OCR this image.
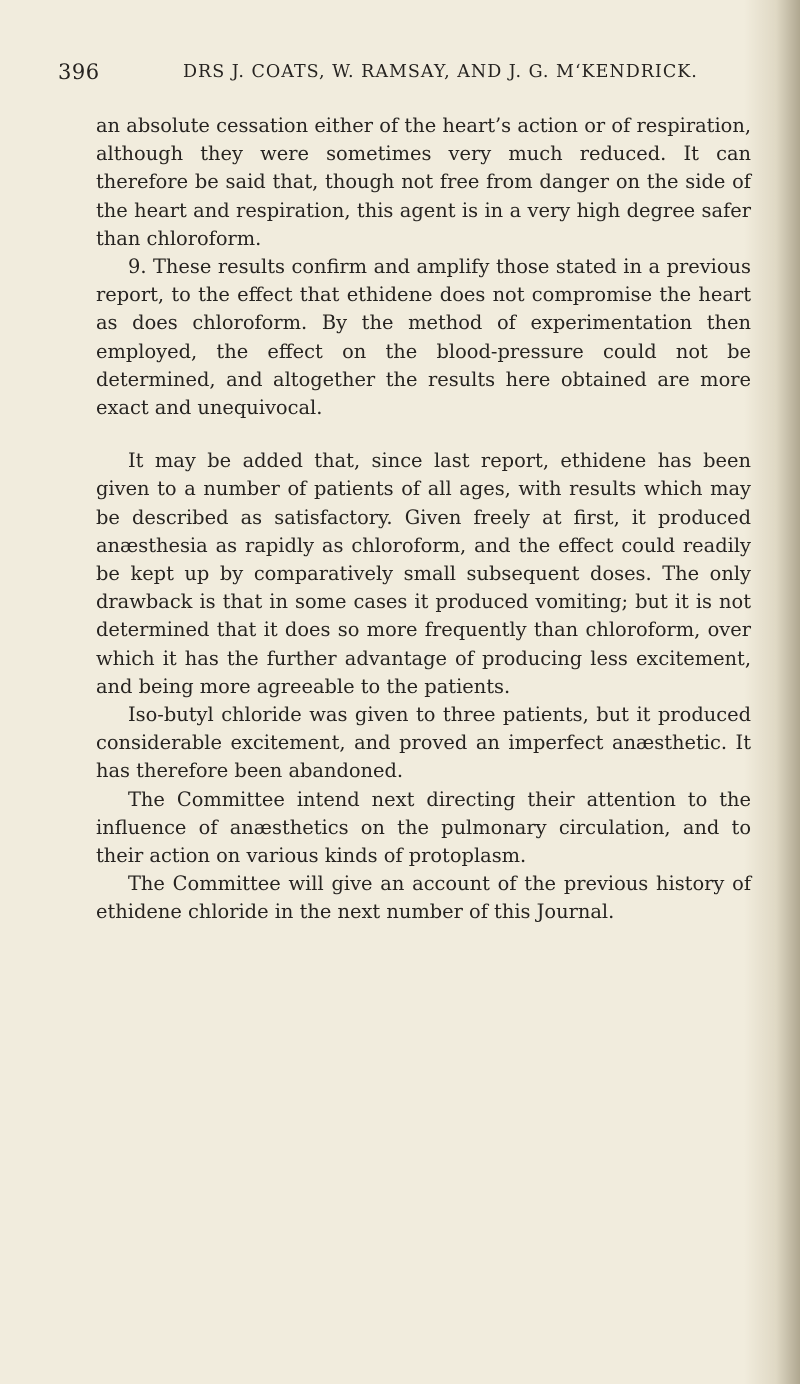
396	DRS J. COATS, W. RAMSAY, AND J. G. M‘KENDRICK.

an absolute cessation either of the heart’s action or of respiration, although they were sometimes very much reduced. It can therefore be said that, though not free from danger on the side of the heart and respiration, this agent is in a very high degree safer than chloroform.

9. These results confirm and amplify those stated in a previous report, to the effect that ethidene does not compromise the heart as does chloroform. By the method of experimentation then employed, the effect on the blood-pressure could not be determined, and altogether the results here obtained are more exact and unequivocal.

It may be added that, since last report, ethidene has been given to a number of patients of all ages, with results which may be described as satisfactory. Given freely at first, it produced anæsthesia as rapidly as chloroform, and the effect could readily be kept up by comparatively small subsequent doses. The only drawback is that in some cases it produced vomiting; but it is not determined that it does so more frequently than chloroform, over which it has the further advantage of producing less excitement, and being more agreeable to the patients.

Iso-butyl chloride was given to three patients, but it produced considerable excitement, and proved an imperfect anæsthetic. It has therefore been abandoned.

The Committee intend next directing their attention to the influence of anæsthetics on the pulmonary circulation, and to their action on various kinds of protoplasm.

The Committee will give an account of the previous history of ethidene chloride in the next number of this Journal.
